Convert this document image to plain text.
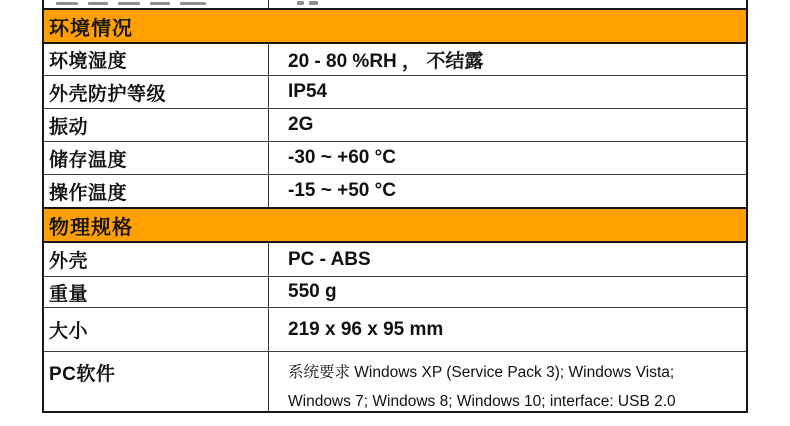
环境情况
环境湿度	20 - 80 %RH ， 不结露
外壳防护等级	IP54
振动	2G
储存温度	-30 ~ +60 °C
操作温度	-15 ~ +50 °C
物理规格
外壳	PC - ABS
重量	550 g
大小	219 x 96 x 95 mm
PC软件	系统要求 Windows XP (Service Pack 3); Windows Vista;
Windows 7; Windows 8; Windows 10; interface: USB 2.0
